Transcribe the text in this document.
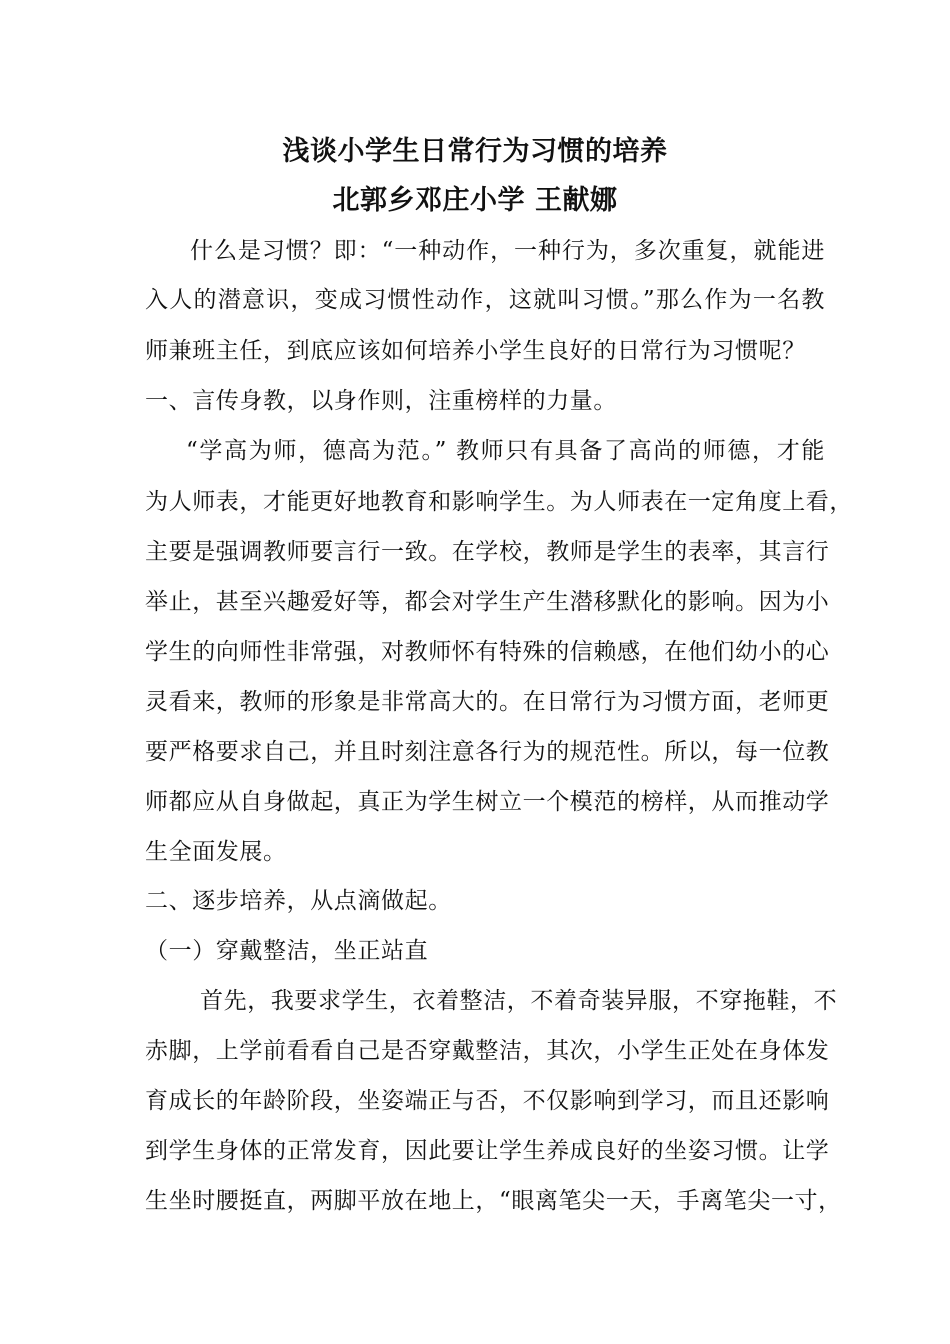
浅谈小学生日常行为习惯的培养
北郭乡邓庄小学 王献娜
什么是习惯？即：“一种动作，一种行为，多次重复，就能进
入人的潜意识，变成习惯性动作，这就叫习惯。”那么作为一名教
师兼班主任，到底应该如何培养小学生良好的日常行为习惯呢？
一、言传身教，以身作则，注重榜样的力量。
“学高为师，德高为范。” 教师只有具备了高尚的师德，才能
为人师表，才能更好地教育和影响学生。为人师表在一定角度上看，
主要是强调教师要言行一致。在学校，教师是学生的表率，其言行
举止，甚至兴趣爱好等，都会对学生产生潜移默化的影响。因为小
学生的向师性非常强，对教师怀有特殊的信赖感，在他们幼小的心
灵看来，教师的形象是非常高大的。在日常行为习惯方面，老师更
要严格要求自己，并且时刻注意各行为的规范性。所以，每一位教
师都应从自身做起，真正为学生树立一个模范的榜样，从而推动学
生全面发展。
二、逐步培养，从点滴做起。
（一）穿戴整洁，坐正站直
首先，我要求学生，衣着整洁，不着奇装异服，不穿拖鞋，不
赤脚，上学前看看自己是否穿戴整洁，其次，小学生正处在身体发
育成长的年龄阶段，坐姿端正与否，不仅影响到学习，而且还影响
到学生身体的正常发育，因此要让学生养成良好的坐姿习惯。让学
生坐时腰挺直，两脚平放在地上，“眼离笔尖一天，手离笔尖一寸，
